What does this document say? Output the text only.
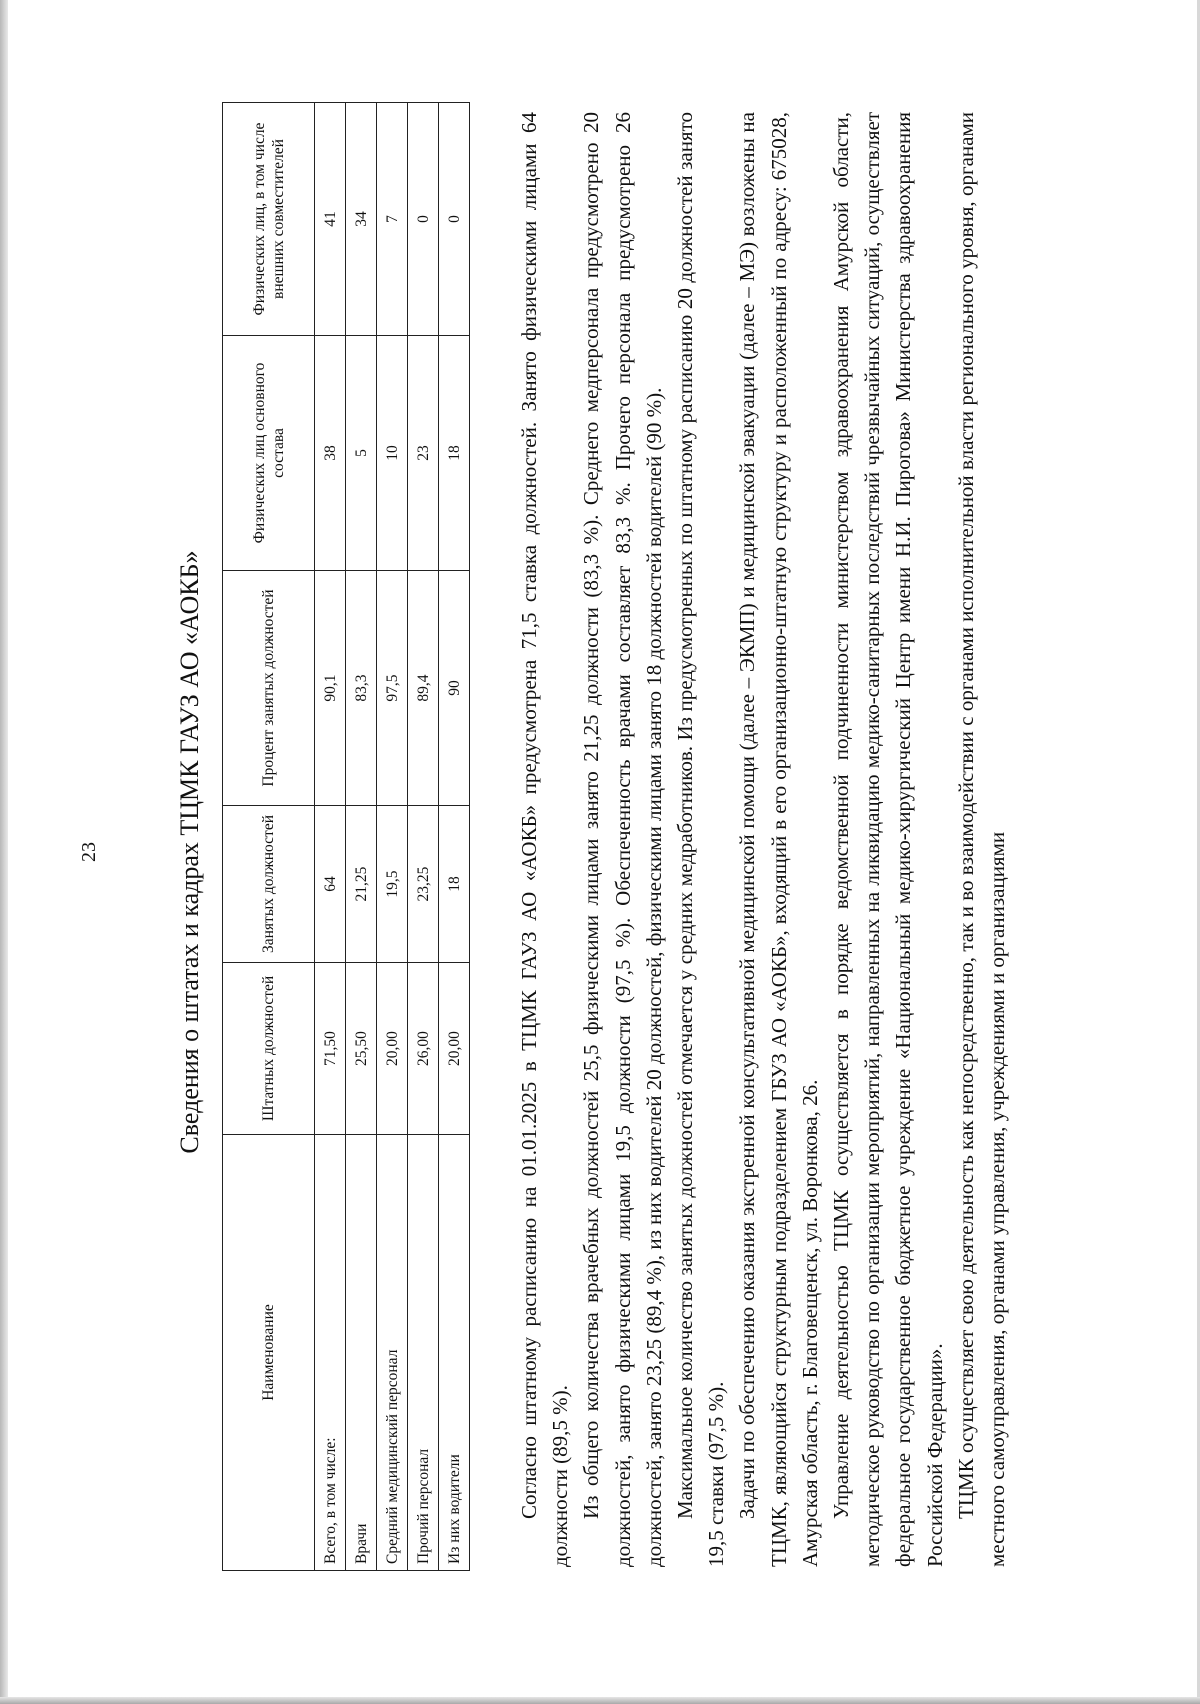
23	Сведения о штатах и кадрах ТЦМК ГАУЗ АО «АОКБ»
Наименование	Штатных должностей	Занятых должностей	Процент занятых должностей	Физических лиц основного состава	Физических лиц, в том числе внешних совместителей
Всего, в том числе:	71,50	64	90,1	38	41
Врачи	25,50	21,25	83,3	5	34
Средний медицинский персонал	20,00	19,5	97,5	10	7
Прочий персонал	26,00	23,25	89,4	23	0
Из них водители	20,00	18	90	18	0	Согласно штатному расписанию на 01.01.2025 в ТЦМК ГАУЗ АО «АОКБ» предусмотрена 71,5 ставка должностей. Занято физическими лицами 64 должности (89,5 %). Из общего количества врачебных должностей 25,5 физическими лицами занято 21,25 должности (83,3 %). Среднего медперсонала предусмотрено 20 должностей, занято физическими лицами 19,5 должности (97,5 %). Обеспеченность врачами составляет 83,3 %. Прочего персонала предусмотрено 26 должностей, занято 23,25 (89,4 %), из них водителей 20 должностей, физическими лицами занято 18 должностей водителей (90 %). Максимальное количество занятых должностей отмечается у средних медработников. Из предусмотренных по штатному расписанию 20 должностей занято 19,5 ставки (97,5 %). Задачи по обеспечению оказания экстренной консультативной медицинской помощи (далее – ЭКМП) и медицинской эвакуации (далее – МЭ) возложены на ТЦМК, являющийся структурным подразделением ГБУЗ АО «АОКБ», входящий в его организационно-штатную структуру и расположенный по адресу: 675028, Амурская область, г. Благовещенск, ул. Воронкова, 26. Управление деятельностью ТЦМК осуществляется в порядке ведомственной подчиненности министерством здравоохранения Амурской области, методическое руководство по организации мероприятий, направленных на ликвидацию медико-санитарных последствий чрезвычайных ситуаций, осуществляет федеральное государственное бюджетное учреждение «Национальный медико-хирургический Центр имени Н.И. Пирогова» Министерства здравоохранения Российской Федерации». ТЦМК осуществляет свою деятельность как непосредственно, так и во взаимодействии с органами исполнительной власти регионального уровня, органами местного самоуправления, органами управления, учреждениями и организациями
